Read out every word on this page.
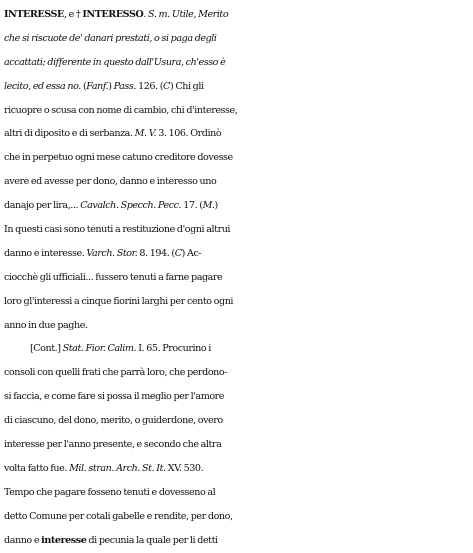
INTERESSE, e † INTERESSO. S. m. Utile, Merito
che si riscuote de' danari prestati, o si paga degli
accattati; differente in questo dall'Usura, ch'esso è
lecito, ed essa no. (Fanf.) Pass. 126. (C) Chi gli
ricuopre o scusa con nome di cambio, chi d'interesse,
altri di diposito e di serbanza. M. V. 3. 106. Ordinò
che in perpetuo ogni mese catuno creditore dovesse
avere ed avesse per dono, danno e interesso uno
danajo per lira,... Cavalch. Specch. Pecc. 17. (M.)
In questi casi sono tenuti a restituzione d'ogni altrui
danno e interesse. Varch. Stor. 8. 194. (C) Ac-
ciocchè gli ufficiali... fussero tenuti a farne pagare
loro gl'interessi a cinque fiorini larghi per cento ogni
anno in due paghe.
[Cont.] Stat. Fior. Calim. I. 65. Procurino i
consoli con quelli frati che parrà loro, che perdono-
si faccia, e come fare si possa il meglio per l'amore
di ciascuno, del dono, merito, o guiderdone, overo
interesse per l'anno presente, e secondo che altra
volta fatto fue. Mil. stran. Arch. St. It. XV. 530.
Tempo che pagare fosseno tenuti e dovesseno al
detto Comune per cotali gabelle e rendite, per dono,
danno e interesse di pecunia la quale per li detti
